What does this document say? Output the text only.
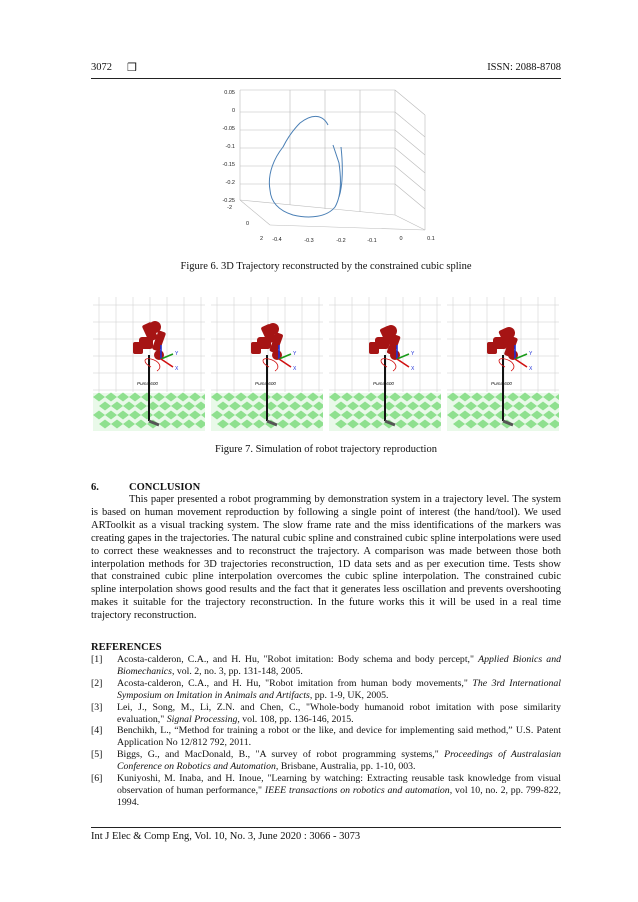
3072 ❒	ISSN: 2088-8708
0.05
0
-0.05
-0.1
-0.15
-0.2
-0.25
-2
0
2 -0.4	-0.3	-0.2	-0.1	0	0.1
Figure 6. 3D Trajectory reconstructed by the constrained cubic spline
Y
X
Puma 600
Y
X
Puma 600
Y
X
Puma 600
Y
X
Puma 600
Figure 7. Simulation of robot trajectory reproduction
6.	CONCLUSION
This paper presented a robot programming by demonstration system in a trajectory level. The system is based on human movement reproduction by following a single point of interest (the hand/tool). We used ARToolkit as a visual tracking system. The slow frame rate and the miss identifications of the markers was creating gapes in the trajectories. The natural cubic spline and constrained cubic spline interpolations were used to correct these weaknesses and to reconstruct the trajectory. A comparison was made between those both interpolation methods for 3D trajectories reconstruction, 1D data sets and as per execution time. Tests show that constrained cubic pline interpolation overcomes the cubic spline interpolation. The constrained cubic spline interpolation shows good results and the fact that it generates less oscillation and prevents overshooting makes it suitable for the trajectory reconstruction. In the future works this it will be used in a real time trajectory reconstruction.
REFERENCES

[1] Acosta-calderon, C.A., and H. Hu, "Robot imitation: Body schema and body percept," Applied Bionics and Biomechanics, vol. 2, no. 3, pp. 131-148, 2005.

[2] Acosta-calderon, C.A., and H. Hu, "Robot imitation from human body movements," The 3rd International Symposium on Imitation in Animals and Artifacts, pp. 1-9, UK, 2005.

[3] Lei, J., Song, M., Li, Z.N. and Chen, C., "Whole-body humanoid robot imitation with pose similarity evaluation," Signal Processing, vol. 108, pp. 136-146, 2015.

[4] Benchikh, L., “Method for training a robot or the like, and device for implementing said method,” U.S. Patent Application No 12/812 792, 2011.

[5] Biggs, G., and MacDonald, B., "A survey of robot programming systems," Proceedings of Australasian Conference on Robotics and Automation, Brisbane, Australia, pp. 1-10, 003.

[6] Kuniyoshi, M. Inaba, and H. Inoue, "Learning by watching: Extracting reusable task knowledge from visual observation of human performance," IEEE transactions on robotics and automation, vol 10, no. 2, pp. 799-822, 1994.

Int J Elec & Comp Eng, Vol. 10, No. 3, June 2020 : 3066 - 3073
